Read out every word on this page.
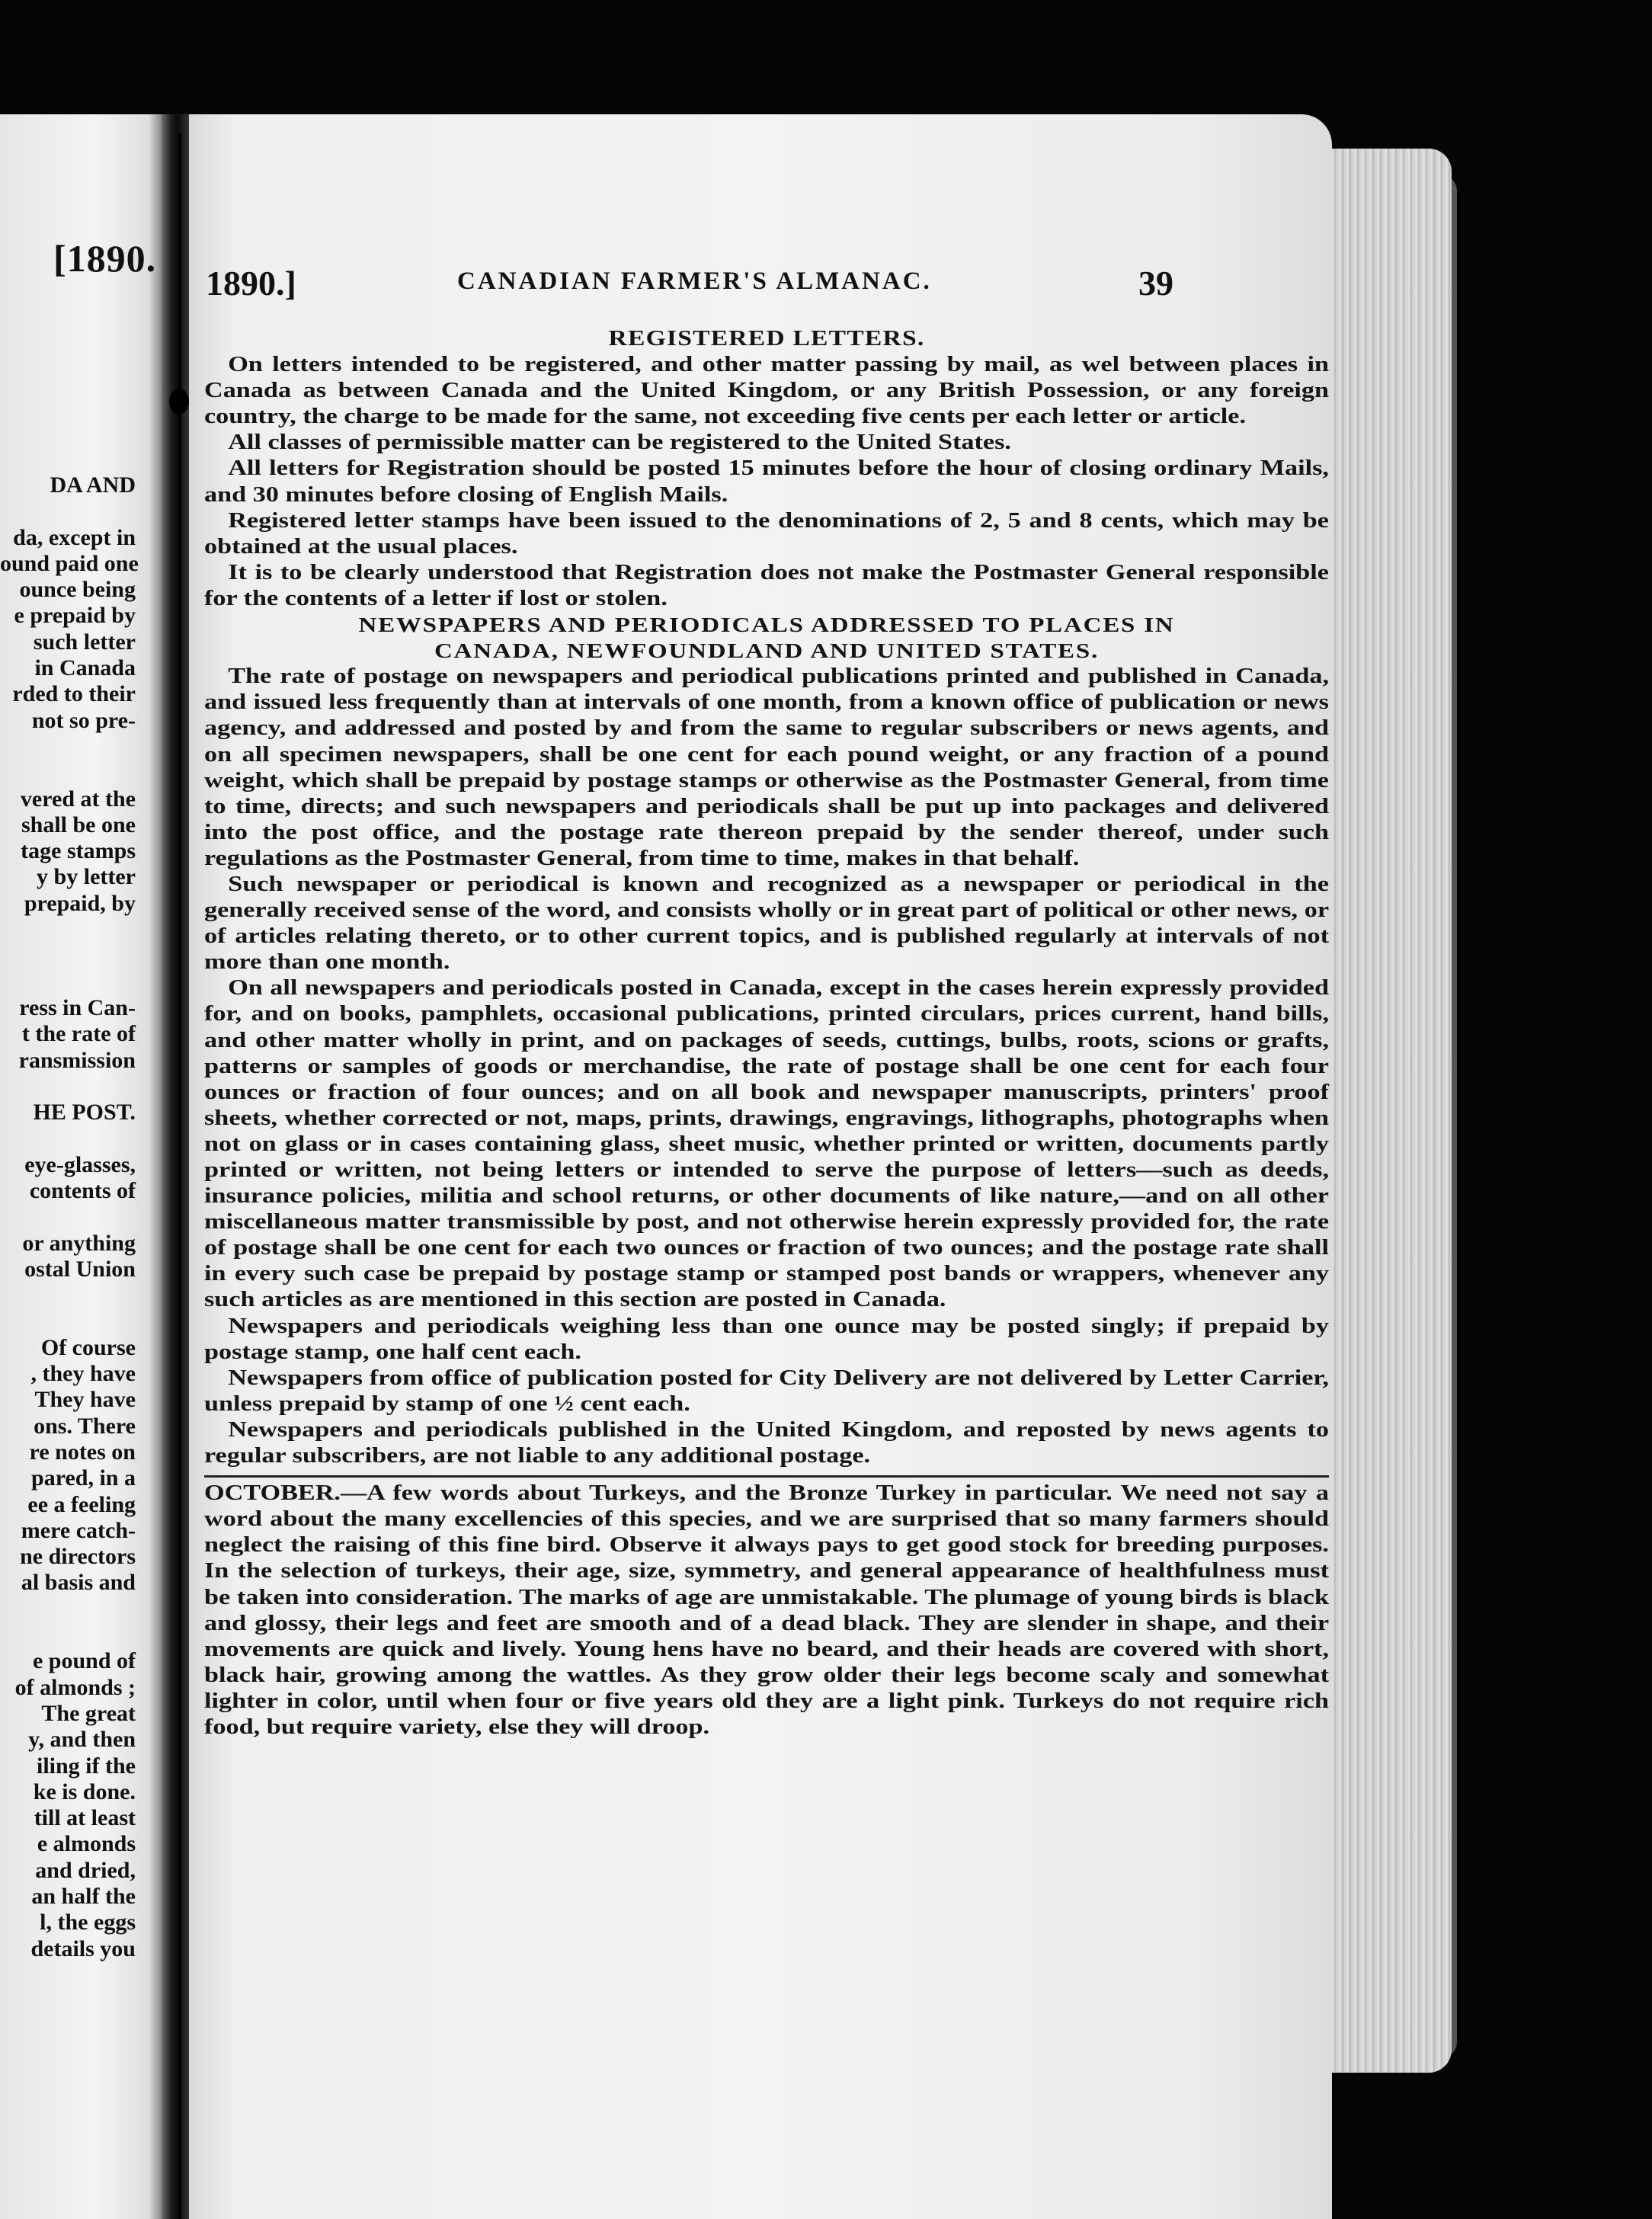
[1890.
DA AND
da, except in
ound paid one
ounce being
e prepaid by
such letter
in Canada
rded to their
not so pre-
vered at the
shall be one
tage stamps
y by letter
prepaid, by
ress in Can-
t the rate of
ransmission
HE POST.
eye-glasses,
contents of
or anything
ostal Union
Of course
, they have
They have
ons. There
re notes on
pared, in a
ee a feeling
mere catch-
ne directors
al basis and
e pound of
of almonds ;
The great
y, and then
iling if the
ke is done.
till at least
e almonds
and dried,
an half the
l, the eggs
details you
1890.]	CANADIAN FARMER'S ALMANAC.	39
REGISTERED LETTERS.

On letters intended to be registered, and other matter passing by mail, as wel between places in Canada as between Canada and the United Kingdom, or any British Possession, or any foreign country, the charge to be made for the same, not exceeding five cents per each letter or article.

All classes of permissible matter can be registered to the United States.

All letters for Registration should be posted 15 minutes before the hour of closing ordinary Mails, and 30 minutes before closing of English Mails.

Registered letter stamps have been issued to the denominations of 2, 5 and 8 cents, which may be obtained at the usual places.

It is to be clearly understood that Registration does not make the Postmaster General responsible for the contents of a letter if lost or stolen.

NEWSPAPERS AND PERIODICALS ADDRESSED TO PLACES IN
CANADA, NEWFOUNDLAND AND UNITED STATES.

The rate of postage on newspapers and periodical publications printed and published in Canada, and issued less frequently than at intervals of one month, from a known office of publication or news agency, and addressed and posted by and from the same to regular subscribers or news agents, and on all specimen newspapers, shall be one cent for each pound weight, or any fraction of a pound weight, which shall be prepaid by postage stamps or otherwise as the Postmaster General, from time to time, directs; and such newspapers and periodicals shall be put up into packages and delivered into the post office, and the postage rate thereon prepaid by the sender thereof, under such regulations as the Postmaster General, from time to time, makes in that behalf.

Such newspaper or periodical is known and recognized as a newspaper or periodical in the generally received sense of the word, and consists wholly or in great part of political or other news, or of articles relating thereto, or to other current topics, and is published regularly at intervals of not more than one month.

On all newspapers and periodicals posted in Canada, except in the cases herein expressly provided for, and on books, pamphlets, occasional publications, printed circulars, prices current, hand bills, and other matter wholly in print, and on packages of seeds, cuttings, bulbs, roots, scions or grafts, patterns or samples of goods or merchandise, the rate of postage shall be one cent for each four ounces or fraction of four ounces; and on all book and newspaper manuscripts, printers' proof sheets, whether corrected or not, maps, prints, drawings, engravings, lithographs, photographs when not on glass or in cases containing glass, sheet music, whether printed or written, documents partly printed or written, not being letters or intended to serve the purpose of letters—such as deeds, insurance policies, militia and school returns, or other documents of like nature,—and on all other miscellaneous matter transmissible by post, and not otherwise herein expressly provided for, the rate of postage shall be one cent for each two ounces or fraction of two ounces; and the postage rate shall in every such case be prepaid by postage stamp or stamped post bands or wrappers, whenever any such articles as are mentioned in this section are posted in Canada.

Newspapers and periodicals weighing less than one ounce may be posted singly; if prepaid by postage stamp, one half cent each.

Newspapers from office of publication posted for City Delivery are not delivered by Letter Carrier, unless prepaid by stamp of one ½ cent each.

Newspapers and periodicals published in the United Kingdom, and reposted by news agents to regular subscribers, are not liable to any additional postage.

OCTOBER.—A few words about Turkeys, and the Bronze Turkey in particular. We need not say a word about the many excellencies of this species, and we are surprised that so many farmers should neglect the raising of this fine bird. Observe it always pays to get good stock for breeding purposes. In the selection of turkeys, their age, size, symmetry, and general appearance of healthfulness must be taken into consideration. The marks of age are unmistakable. The plumage of young birds is black and glossy, their legs and feet are smooth and of a dead black. They are slender in shape, and their movements are quick and lively. Young hens have no beard, and their heads are covered with short, black hair, growing among the wattles. As they grow older their legs become scaly and somewhat lighter in color, until when four or five years old they are a light pink. Turkeys do not require rich food, but require variety, else they will droop.
